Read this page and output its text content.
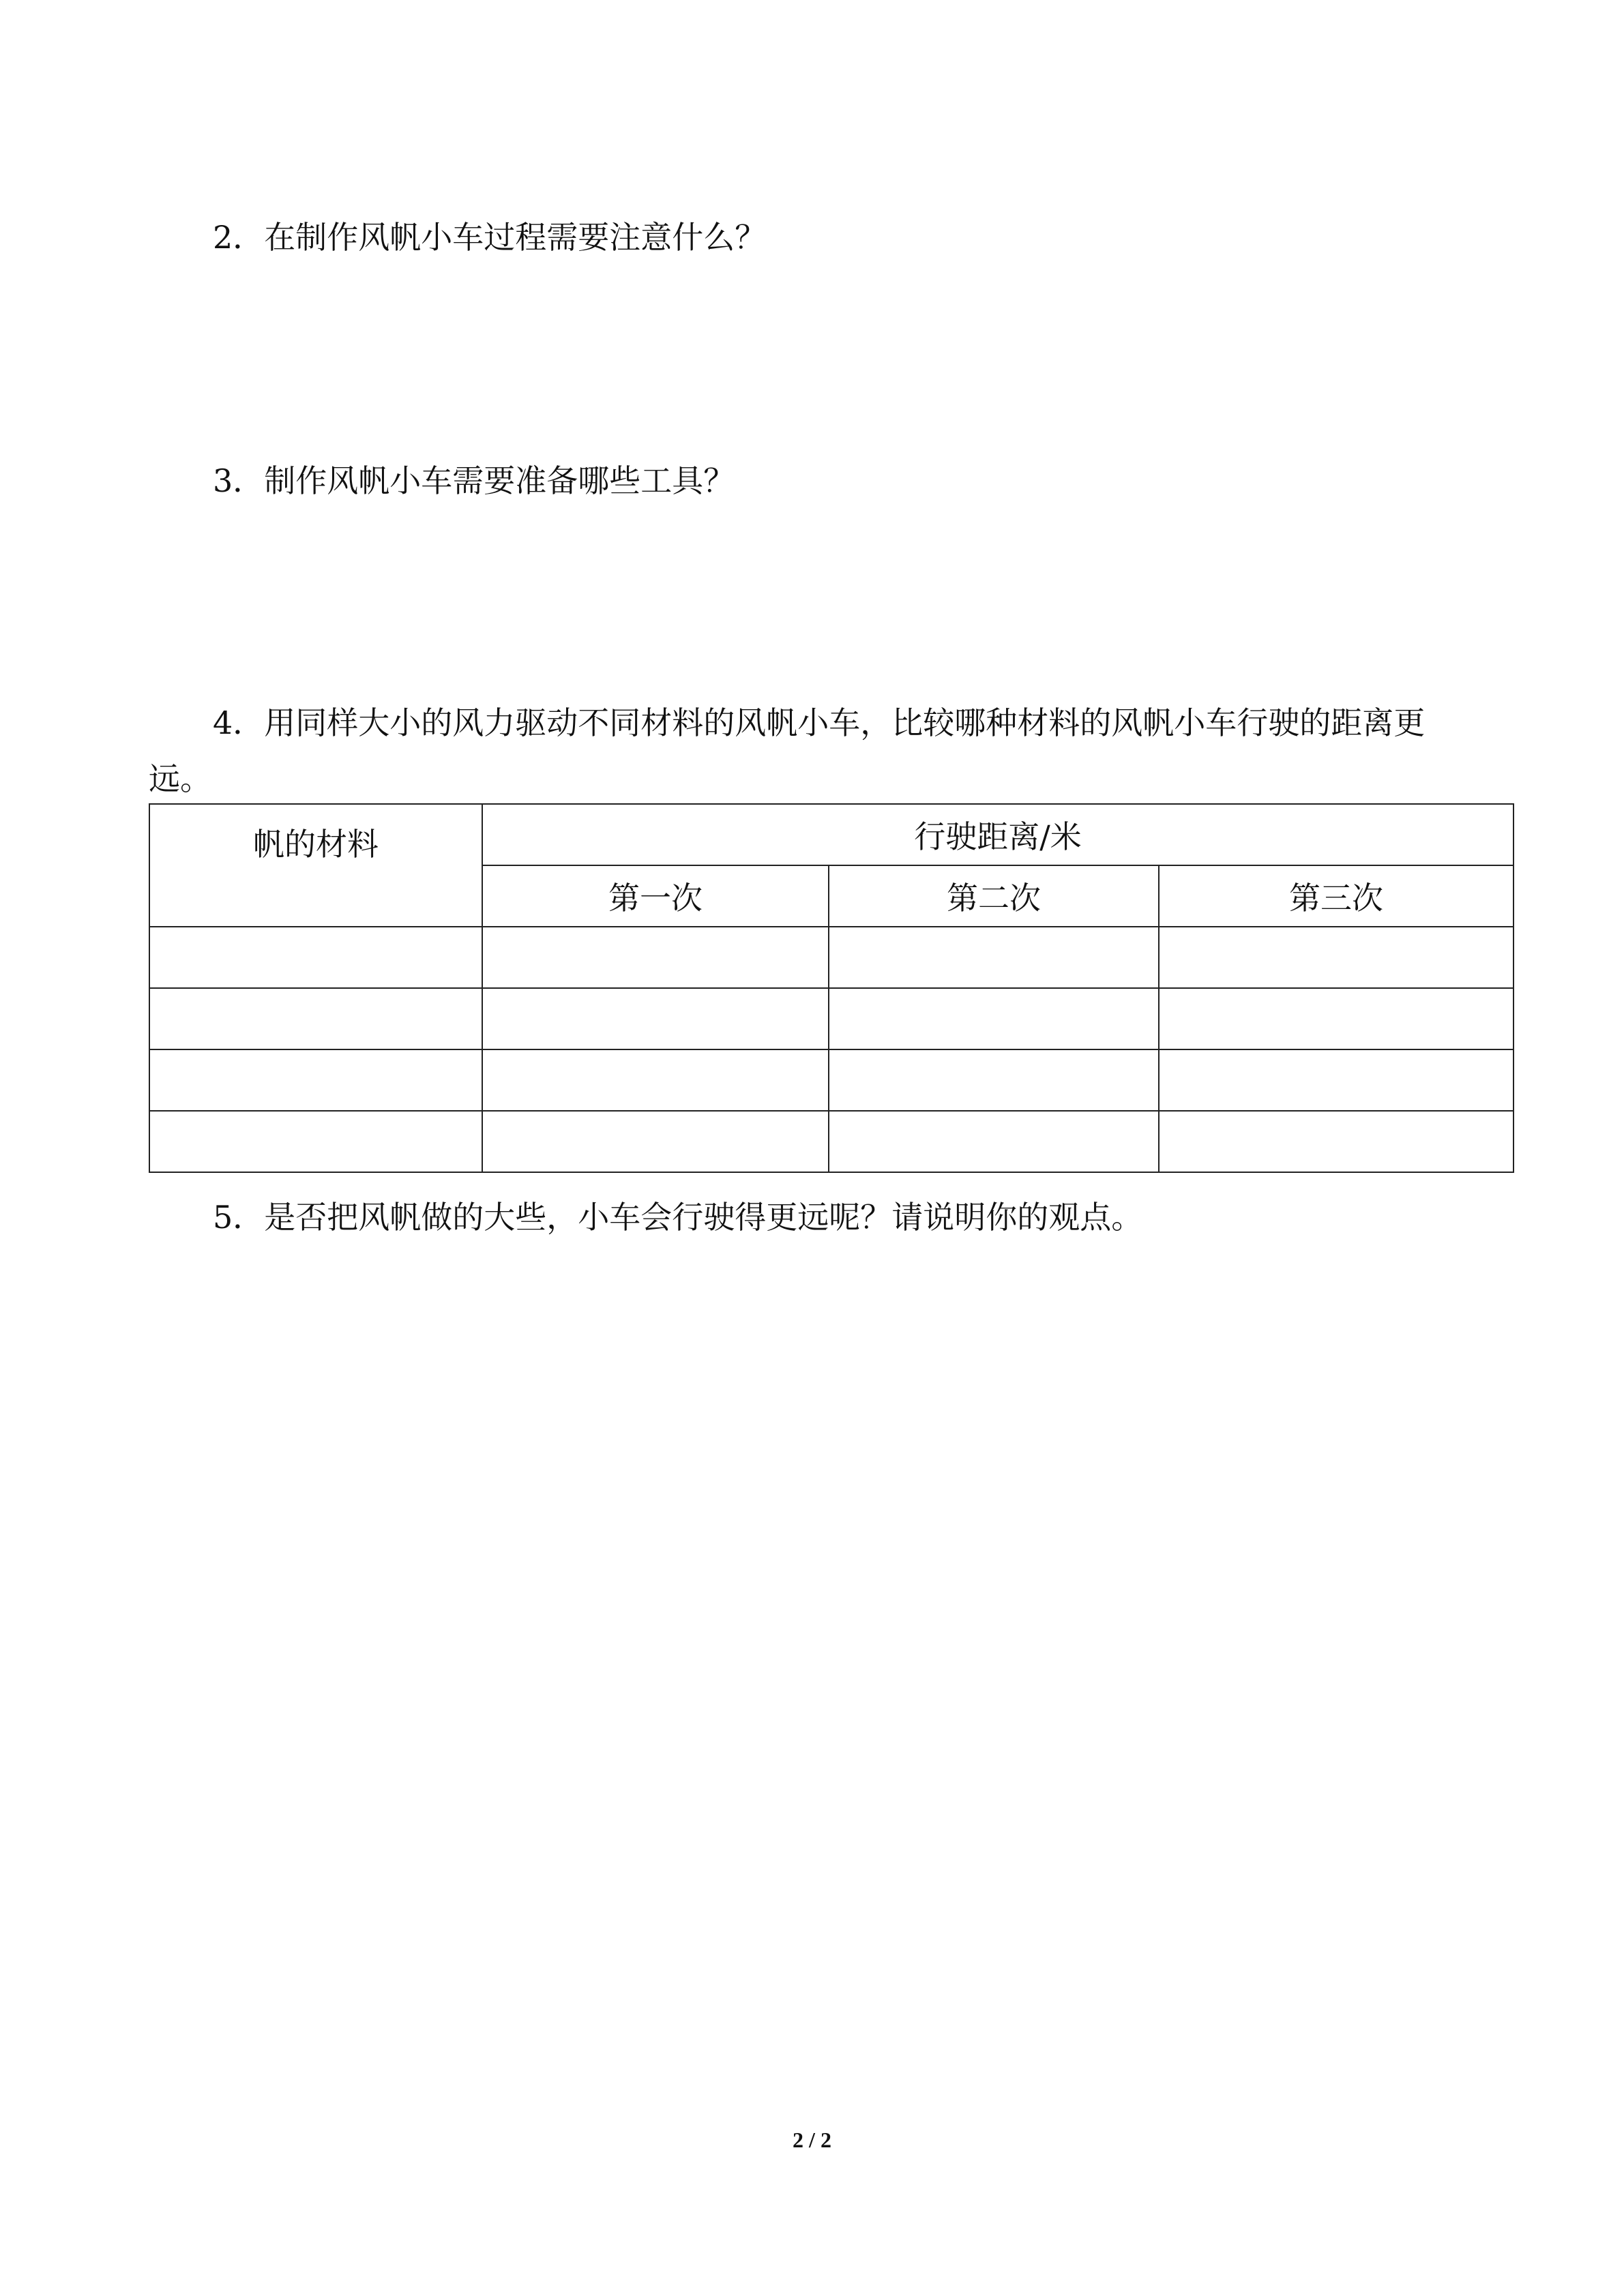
2．在制作风帆小车过程需要注意什么？
3．制作风帆小车需要准备哪些工具？
4．用同样大小的风力驱动不同材料的风帆小车，比较哪种材料的风帆小车行驶的距离更
远。
帆的材料	行驶距离/米		
	第一次	第二次	第三次

5．是否把风帆做的大些，小车会行驶得更远呢？请说明你的观点。
2 / 2
